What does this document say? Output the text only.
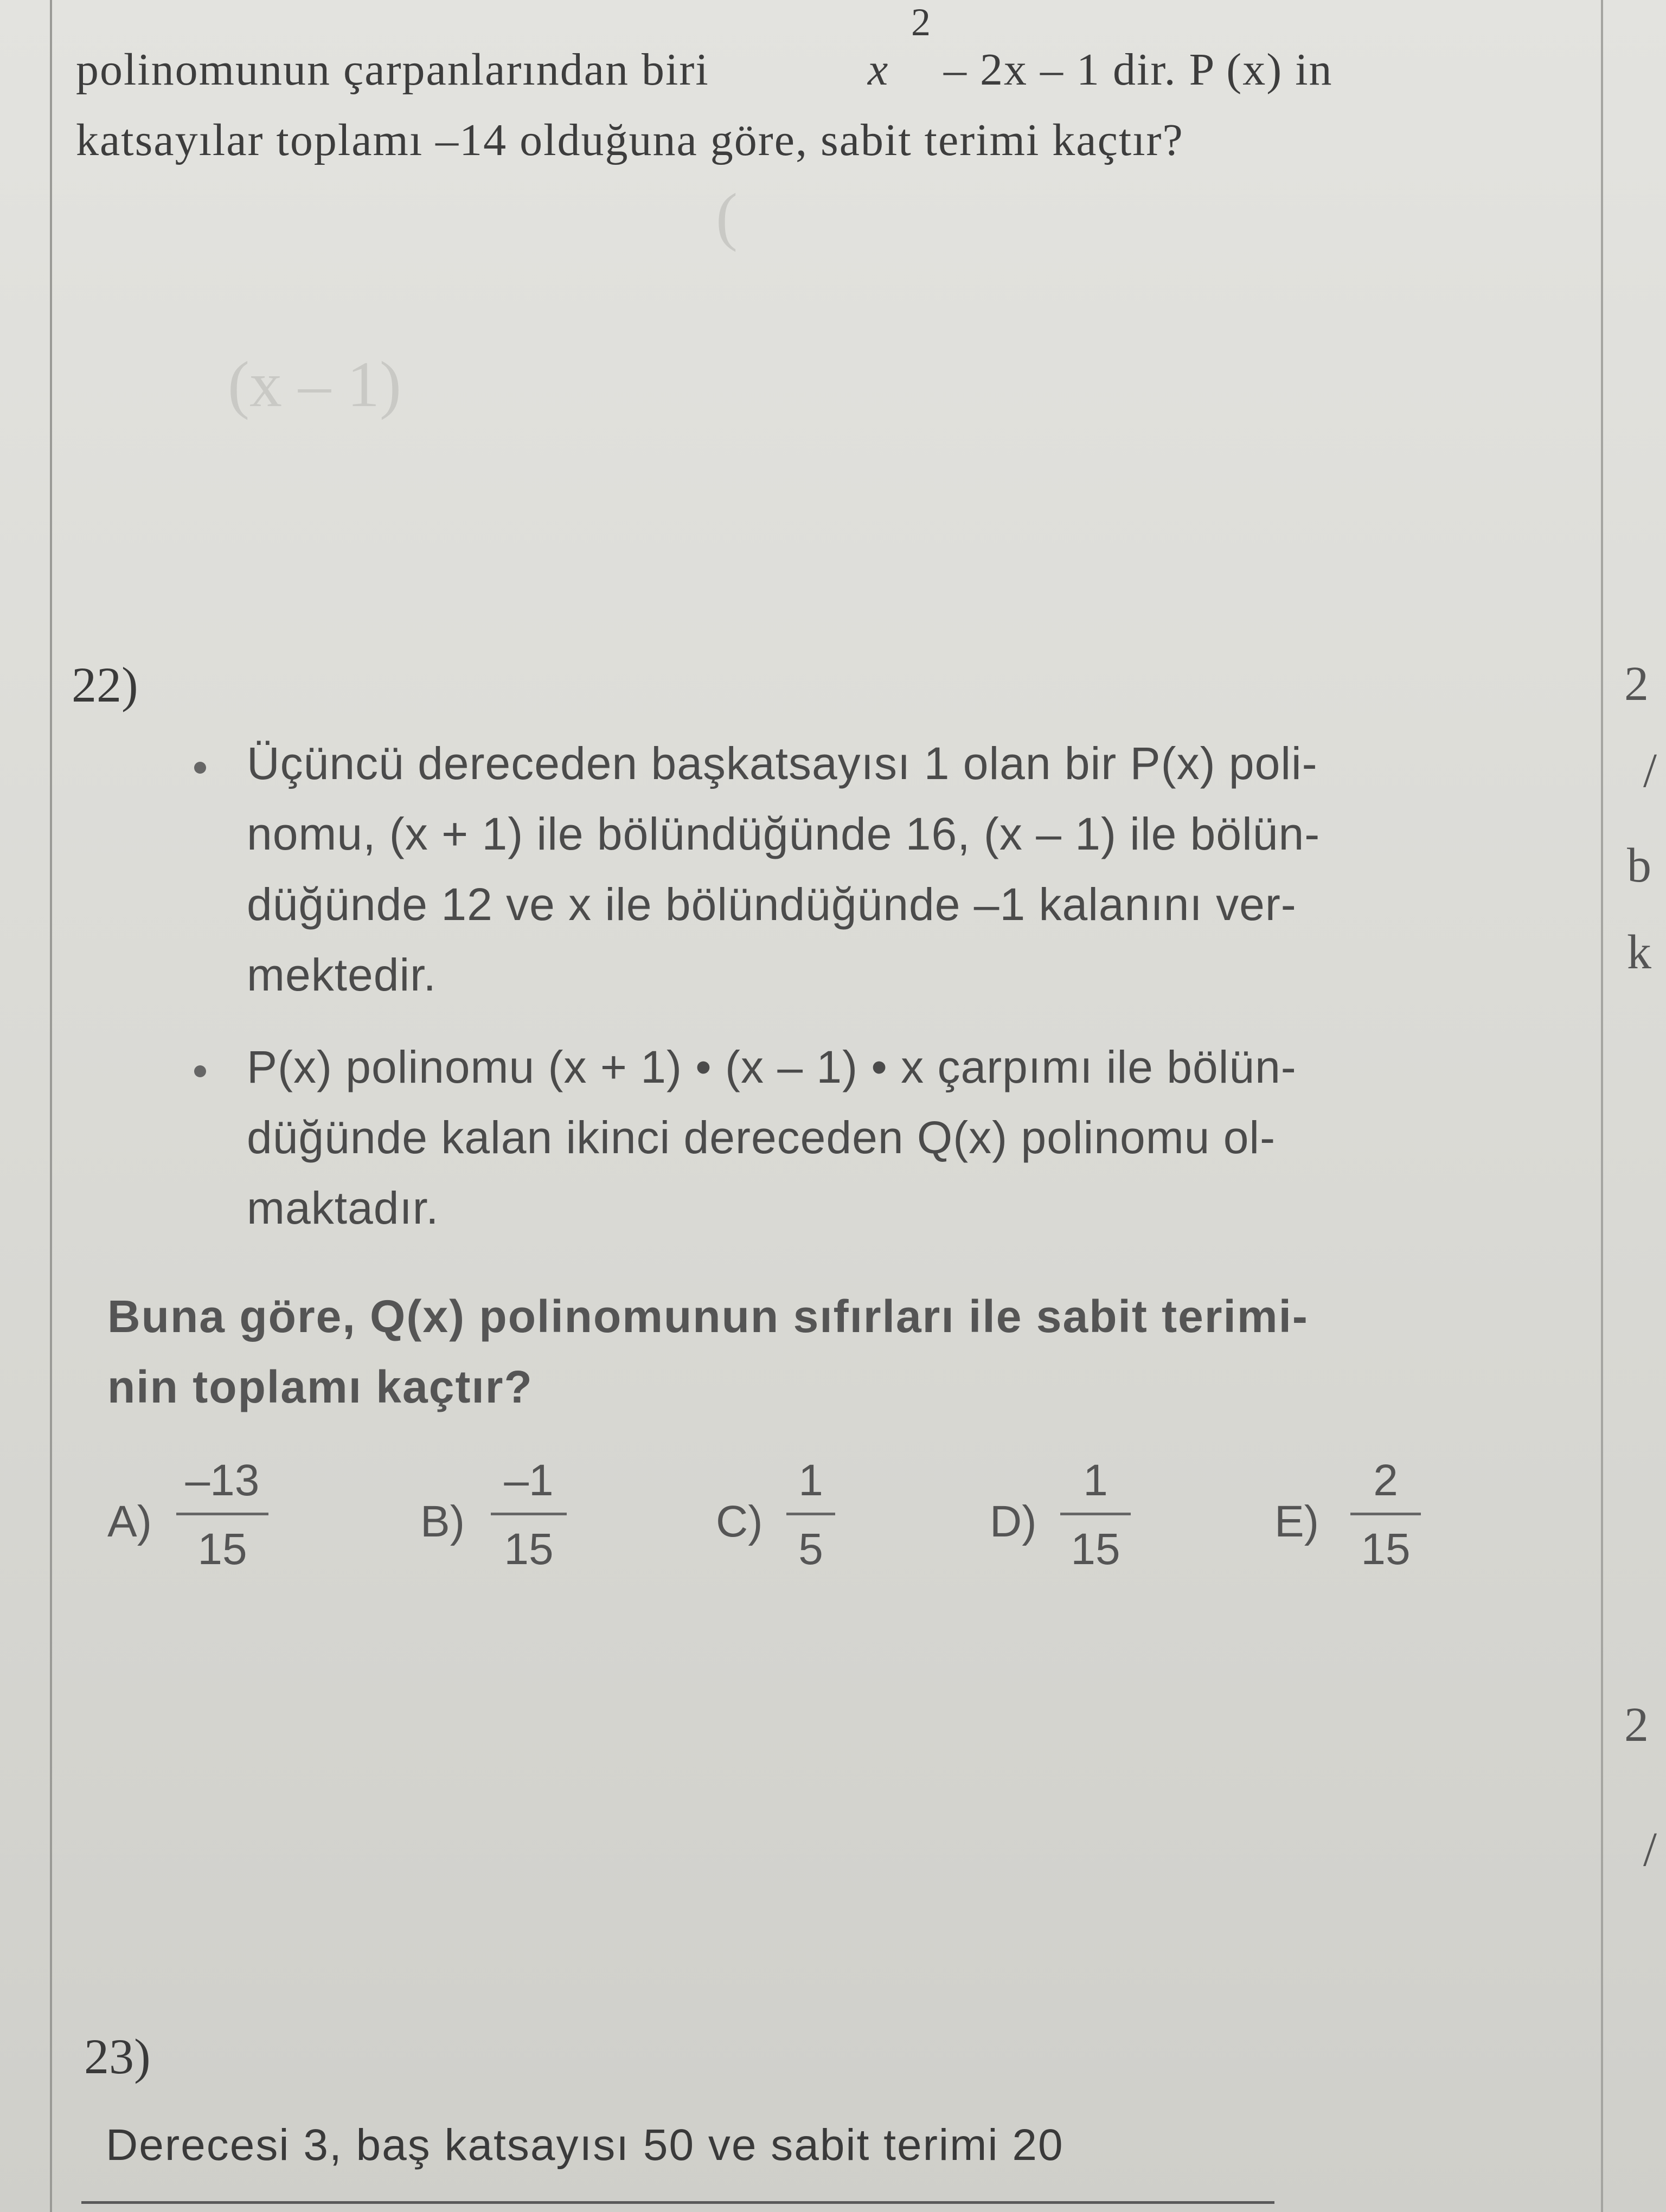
(
(x – 1)
polinomunun çarpanlarından biri	x
2
– 2x – 1 dir. P (x) in
katsayılar toplamı –14 olduğuna göre, sabit terimi kaçtır?
22)
Üçüncü dereceden başkatsayısı 1 olan bir P(x) poli-
nomu, (x + 1) ile bölündüğünde 16, (x – 1) ile bölün-
düğünde 12 ve x ile bölündüğünde –1 kalanını ver-
mektedir.
P(x) polinomu (x + 1) • (x – 1) • x çarpımı ile bölün-
düğünde kalan ikinci dereceden Q(x) polinomu ol-
maktadır.
Buna göre, Q(x) polinomunun sıfırları ile sabit terimi-
nin toplamı kaçtır?
A)
–13
15
B)
–1
15
C)
1
5
D)
1
15
E)
2
15
23)
Derecesi 3, baş katsayısı 50 ve sabit terimi 20
2
/
b
k
2
/
